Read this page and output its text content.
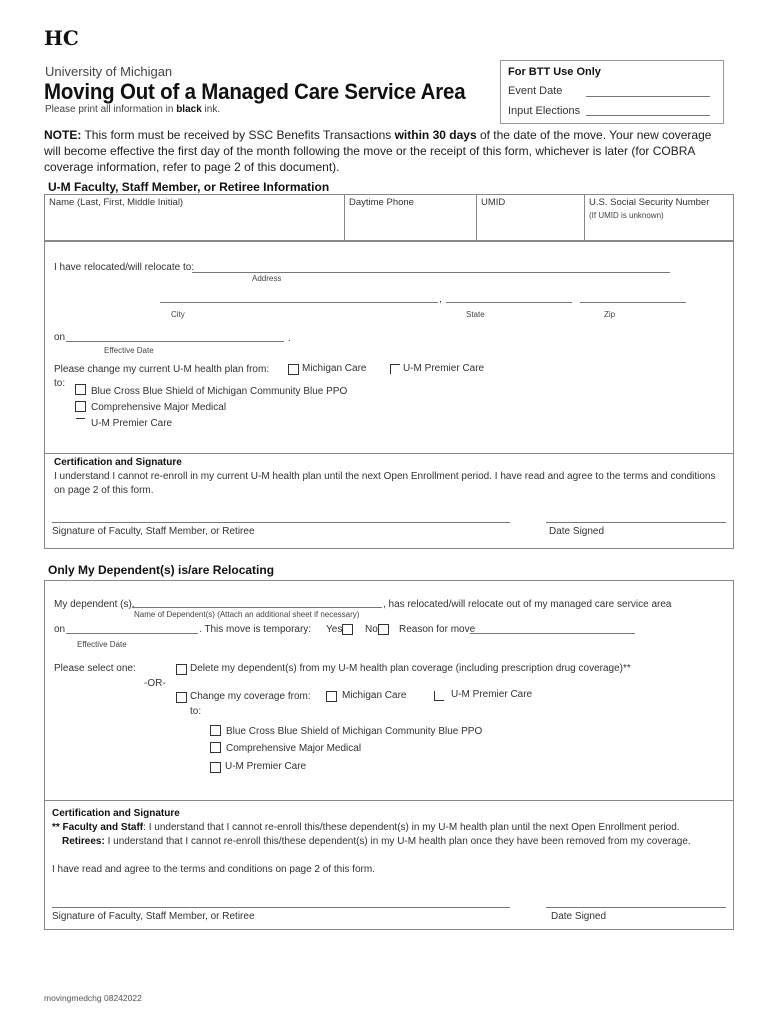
HC
University of Michigan
Moving Out of a Managed Care Service Area
Please print all information in black ink.
For BTT Use Only
Event Date
Input Elections
NOTE: This form must be received by SSC Benefits Transactions within 30 days of the date of the move. Your new coverage will become effective the first day of the month following the move or the receipt of this form, whichever is later (for COBRA coverage information, refer to page 2 of this document).
U-M Faculty, Staff Member, or Retiree Information
Name (Last, First, Middle Initial)	Daytime Phone	UMID	U.S. Social Security Number
(If UMID is unknown)
I have relocated/will relocate to:
Address
,
City	State	Zip
on	.
Effective Date
Please change my current U-M health plan from:	Michigan Care	U-M Premier Care
to:
Blue Cross Blue Shield of Michigan Community Blue PPO
Comprehensive Major Medical
U-M Premier Care
Certification and Signature
I understand I cannot re-enroll in my current U-M health plan until the next Open Enrollment period. I have read and agree to the terms and conditions on page 2 of this form.
Signature of Faculty, Staff Member, or Retiree	Date Signed
Only My Dependent(s) is/are Relocating
My dependent (s),	, has relocated/will relocate out of my managed care service area
Name of Dependent(s) (Attach an additional sheet if necessary)
on	. This move is temporary: Yes No Reason for move
Effective Date
Please select one:	Delete my dependent(s) from my U-M health plan coverage (including prescription drug coverage)**
-OR-
Change my coverage from:	Michigan Care	U-M Premier Care
to:
Blue Cross Blue Shield of Michigan Community Blue PPO
Comprehensive Major Medical
U-M Premier Care
Certification and Signature
** Faculty and Staff: I understand that I cannot re-enroll this/these dependent(s) in my U-M health plan until the next Open Enrollment period.
Retirees: I understand that I cannot re-enroll this/these dependent(s) in my U-M health plan once they have been removed from my coverage.
I have read and agree to the terms and conditions on page 2 of this form.
Signature of Faculty, Staff Member, or Retiree	Date Signed
movingmedchg 08242022
